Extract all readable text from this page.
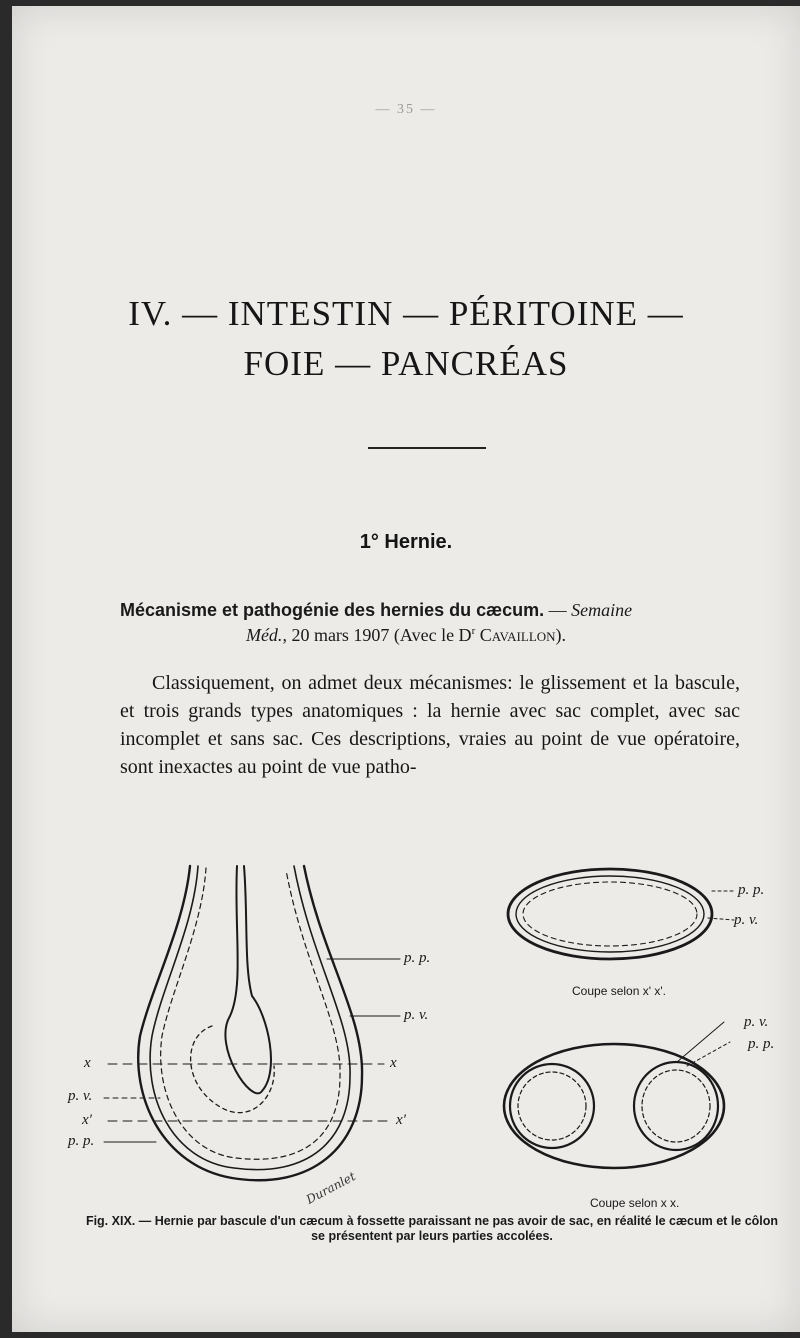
— 35 —
IV. — INTESTIN — PÉRITOINE —
FOIE — PANCRÉAS
1° Hernie.
Mécanisme et pathogénie des hernies du cæcum. — Semaine
Méd., 20 mars 1907 (Avec le $D^r$ Cavaillon).

Classiquement, on admet deux mécanismes: le glissement et la bascule, et trois grands types anatomiques : la hernie avec sac complet, avec sac incomplet et sans sac. Ces descriptions, vraies au point de vue opératoire, sont inexactes au point de vue patho-

p. p.
p. v.
x
p. v.
x'
p. p.
x
x'
p. p.
p. v.
p. v.
p. p.
Coupe selon x' x'.
Coupe selon x x.
Duranlet
Fig. XIX. — Hernie par bascule d'un cæcum à fossette paraissant ne pas avoir de sac, en réalité le cæcum et le côlon se présentent par leurs parties accolées.
